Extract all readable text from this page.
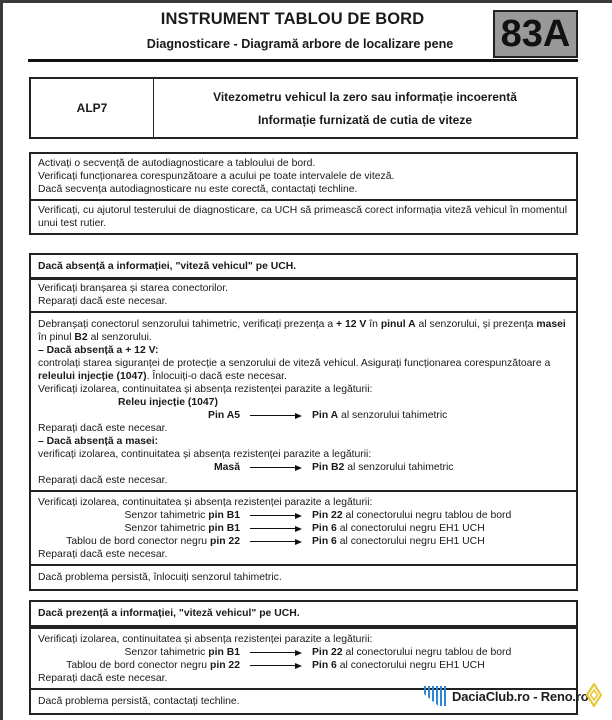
INSTRUMENT TABLOU DE BORD
Diagnosticare - Diagramă arbore de localizare pene	83A
ALP7
Vitezometru vehicul la zero sau informație incoerentă
Informație furnizată de cutia de viteze
Activați o secvență de autodiagnosticare a tabloului de bord.
Verificați funcționarea corespunzătoare a acului pe toate intervalele de viteză.
Dacă secvența autodiagnosticare nu este corectă, contactați techline.
Verificați, cu ajutorul testerului de diagnosticare, ca UCH să primească corect informația viteză vehicul în momentul unui test rutier.
Dacă absență a informației, "viteză vehicul" pe UCH.
Verificați branșarea și starea conectorilor.
Reparați dacă este necesar.
Debranșați conectorul senzorului tahimetric, verificați prezența a + 12 V în pinul A al senzorului, și prezența masei în pinul B2 al senzorului.
– Dacă absență a + 12 V:
controlați starea siguranței de protecție a senzorului de viteză vehicul. Asigurați funcționarea corespunzătoare a releului injecție (1047). Înlocuiți-o dacă este necesar.
Verificați izolarea, continuitatea și absența rezistenței parazite a legăturii:
Releu injecție (1047)
Pin A5	Pin A al senzorului tahimetric
Reparați dacă este necesar.
– Dacă absență a masei:
verificați izolarea, continuitatea și absența rezistenței parazite a legăturii:
Masă	Pin B2 al senzorului tahimetric
Reparați dacă este necesar.
Verificați izolarea, continuitatea și absența rezistenței parazite a legăturii:
Senzor tahimetric pin B1	Pin 22 al conectorului negru tablou de bord
Senzor tahimetric pin B1	Pin 6 al conectorului negru EH1 UCH
Tablou de bord conector negru pin 22	Pin 6 al conectorului negru EH1 UCH
Reparați dacă este necesar.
Dacă problema persistă, înlocuiți senzorul tahimetric.
Dacă prezență a informației, "viteză vehicul" pe UCH.
Verificați izolarea, continuitatea și absența rezistenței parazite a legăturii:
Senzor tahimetric pin B1	Pin 22 al conectorului negru tablou de bord
Tablou de bord conector negru pin 22	Pin 6 al conectorului negru EH1 UCH
Reparați dacă este necesar.
Dacă problema persistă, contactați techline.	DaciaClub.ro - Reno.ro
